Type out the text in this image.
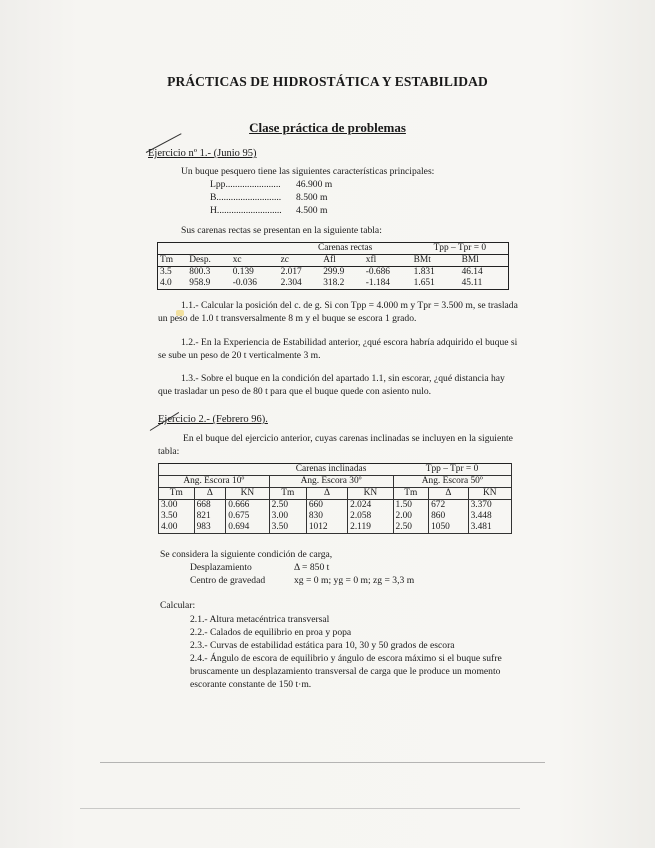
PRÁCTICAS DE HIDROSTÁTICA Y ESTABILIDAD
Clase práctica de problemas
Ejercicio nº 1.- (Junio 95)
Un buque pesquero tiene las siguientes características principales:
Lpp.......................	46.900 m
B...........................	8.500 m
H...........................	4.500 m
Sus carenas rectas se presentan en la siguiente tabla:
			Carenas rectas			Tpp – Tpr = 0	
Tm	Desp.	xc	zc	Afl	xfl	BMt	BMl
3.5	800.3	0.139	2.017	299.9	-0.686	1.831	46.14
4.0	958.9	-0.036	2.304	318.2	-1.184	1.651	45.11
1.1.- Calcular la posición del c. de g. Si con Tpp = 4.000 m y Tpr = 3.500 m, se traslada
un peso de 1.0 t transversalmente 8 m y el buque se escora 1 grado.
1.2.- En la Experiencia de Estabilidad anterior, ¿qué escora habría adquirido el buque si
se sube un peso de 20 t verticalmente 3 m.
1.3.- Sobre el buque en la condición del apartado 1.1, sin escorar, ¿qué distancia hay
que trasladar un peso de 80 t para que el buque quede con asiento nulo.
Ejercicio 2.- (Febrero 96).
En el buque del ejercicio anterior, cuyas carenas inclinadas se incluyen en la siguiente
tabla:
			Carenas inclinadas			Tpp – Tpr = 0		
Ang. Escora 10º			Ang. Escora 30º			Ang. Escora 50º		
Tm	Δ	KN	Tm	Δ	KN	Tm	Δ	KN
3.00	668	0.666	2.50	660	2.024	1.50	672	3.370
3.50	821	0.675	3.00	830	2.058	2.00	860	3.448
4.00	983	0.694	3.50	1012	2.119	2.50	1050	3.481
Se considera la siguiente condición de carga,
Desplazamiento	Δ = 850 t
Centro de gravedad	xg = 0 m; yg = 0 m; zg = 3,3 m
Calcular:
2.1.- Altura metacéntrica transversal
2.2.- Calados de equilibrio en proa y popa
2.3.- Curvas de estabilidad estática para 10, 30 y 50 grados de escora
2.4.- Ángulo de escora de equilibrio y ángulo de escora máximo si el buque sufre
bruscamente un desplazamiento transversal de carga que le produce un momento
escorante constante de 150 t·m.
